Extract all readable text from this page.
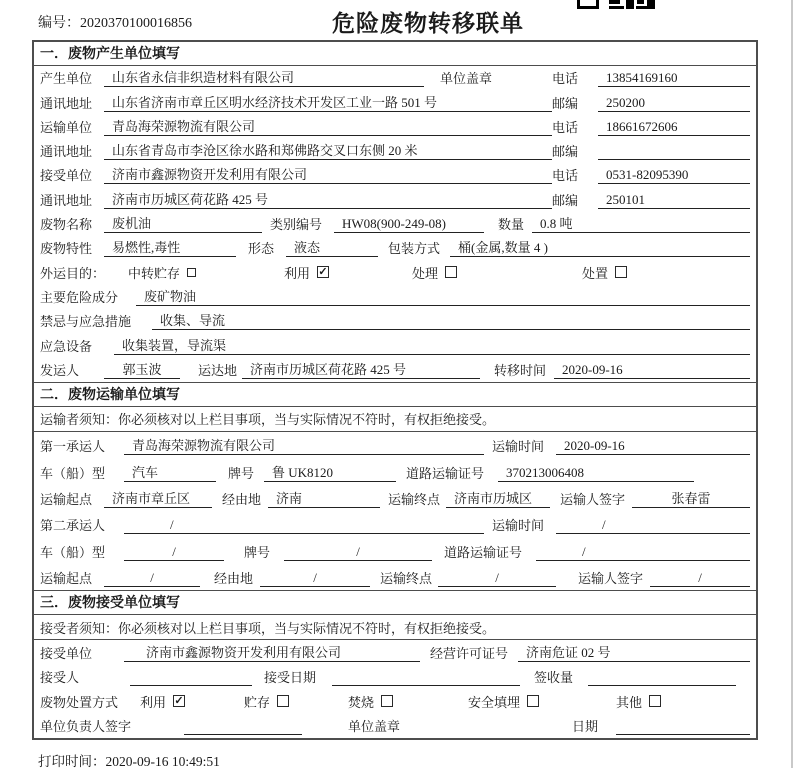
编号：2020370100016856	危险废物转移联单
一．废物产生单位填写
产生单位	山东省永信非织造材料有限公司	单位盖章	电话	13854169160
通讯地址	山东省济南市章丘区明水经济技术开发区工业一路 501 号	邮编	250200
运输单位	青岛海荣源物流有限公司	电话	18661672606
通讯地址	山东省青岛市李沧区徐水路和郑佛路交叉口东侧 20 米	邮编
接受单位	济南市鑫源物资开发利用有限公司	电话	0531-82095390
通讯地址	济南市历城区荷花路 425 号	邮编	250101
废物名称	废机油	类别编号	HW08(900-249-08)	数量	0.8 吨
废物特性	易燃性,毒性	形态	液态	包装方式	桶(金属,数量 4 )
外运目的：	中转贮存	利用 ✓	处理	处置
主要危险成分	废矿物油
禁忌与应急措施	收集、导流
应急设备	收集装置，导流渠
发运人	郭玉波	运达地 济南市历城区荷花路 425 号	转移时间	2020-09-16
二．废物运输单位填写
运输者须知：你必须核对以上栏目事项，当与实际情况不符时，有权拒绝接受。
第一承运人	青岛海荣源物流有限公司	运输时间	2020-09-16
车（船）型	汽车	牌号	鲁 UK8120	道路运输证号	370213006408
运输起点	济南市章丘区	经由地	济南	运输终点	济南市历城区	运输人签字	张春雷
第二承运人	/	运输时间	/
车（船）型	/	牌号	/	道路运输证号	/
运输起点	/	经由地	/	运输终点	/	运输人签字	/
三．废物接受单位填写
接受者须知：你必须核对以上栏目事项，当与实际情况不符时，有权拒绝接受。
接受单位	济南市鑫源物资开发利用有限公司	经营许可证号	济南危证 02 号
接受人	接受日期	签收量
废物处置方式	利用 ✓	贮存	焚烧	安全填埋	其他
单位负责人签字	单位盖章	日期
打印时间：2020-09-16 10:49:51
